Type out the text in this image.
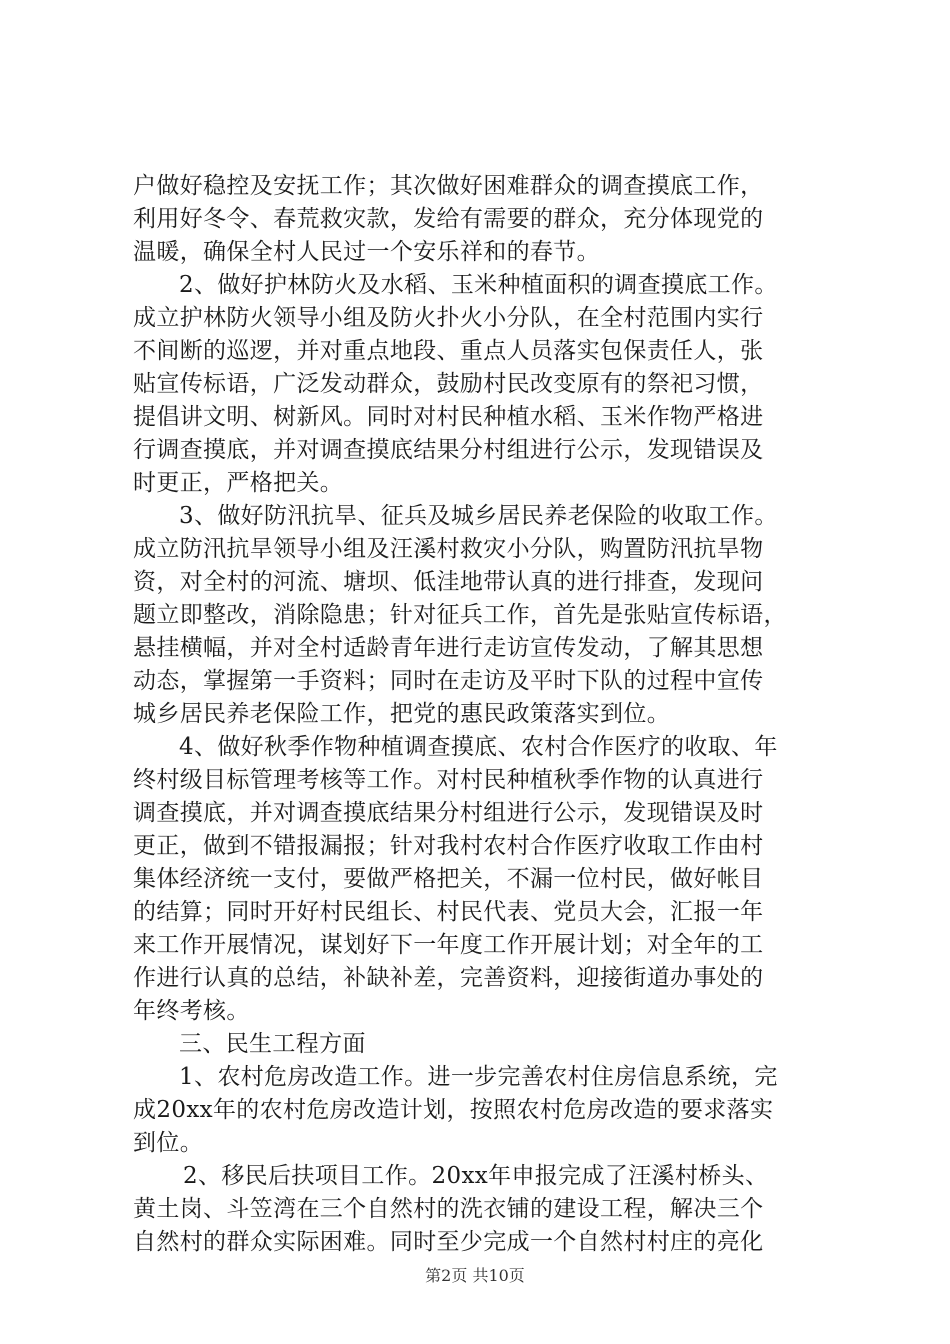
户做好稳控及安抚工作；其次做好困难群众的调查摸底工作，
利用好冬令、春荒救灾款，发给有需要的群众，充分体现党的
温暖，确保全村人民过一个安乐祥和的春节。
2、做好护林防火及水稻、玉米种植面积的调查摸底工作。
成立护林防火领导小组及防火扑火小分队，在全村范围内实行
不间断的巡逻，并对重点地段、重点人员落实包保责任人，张
贴宣传标语，广泛发动群众，鼓励村民改变原有的祭祀习惯，
提倡讲文明、树新风。同时对村民种植水稻、玉米作物严格进
行调查摸底，并对调查摸底结果分村组进行公示，发现错误及
时更正，严格把关。
3、做好防汛抗旱、征兵及城乡居民养老保险的收取工作。
成立防汛抗旱领导小组及汪溪村救灾小分队，购置防汛抗旱物
资，对全村的河流、塘坝、低洼地带认真的进行排查，发现问
题立即整改，消除隐患；针对征兵工作，首先是张贴宣传标语，
悬挂横幅，并对全村适龄青年进行走访宣传发动，了解其思想
动态，掌握第一手资料；同时在走访及平时下队的过程中宣传
城乡居民养老保险工作，把党的惠民政策落实到位。
4、做好秋季作物种植调查摸底、农村合作医疗的收取、年
终村级目标管理考核等工作。对村民种植秋季作物的认真进行
调查摸底，并对调查摸底结果分村组进行公示，发现错误及时
更正，做到不错报漏报；针对我村农村合作医疗收取工作由村
集体经济统一支付，要做严格把关，不漏一位村民，做好帐目
的结算；同时开好村民组长、村民代表、党员大会，汇报一年
来工作开展情况，谋划好下一年度工作开展计划；对全年的工
作进行认真的总结，补缺补差，完善资料，迎接街道办事处的
年终考核。
三、民生工程方面
1、农村危房改造工作。进一步完善农村住房信息系统，完
成20xx年的农村危房改造计划，按照农村危房改造的要求落实
到位。
2、移民后扶项目工作。20xx年申报完成了汪溪村桥头、
黄土岗、斗笠湾在三个自然村的洗衣铺的建设工程，解决三个
自然村的群众实际困难。同时至少完成一个自然村村庄的亮化
第2页 共10页
